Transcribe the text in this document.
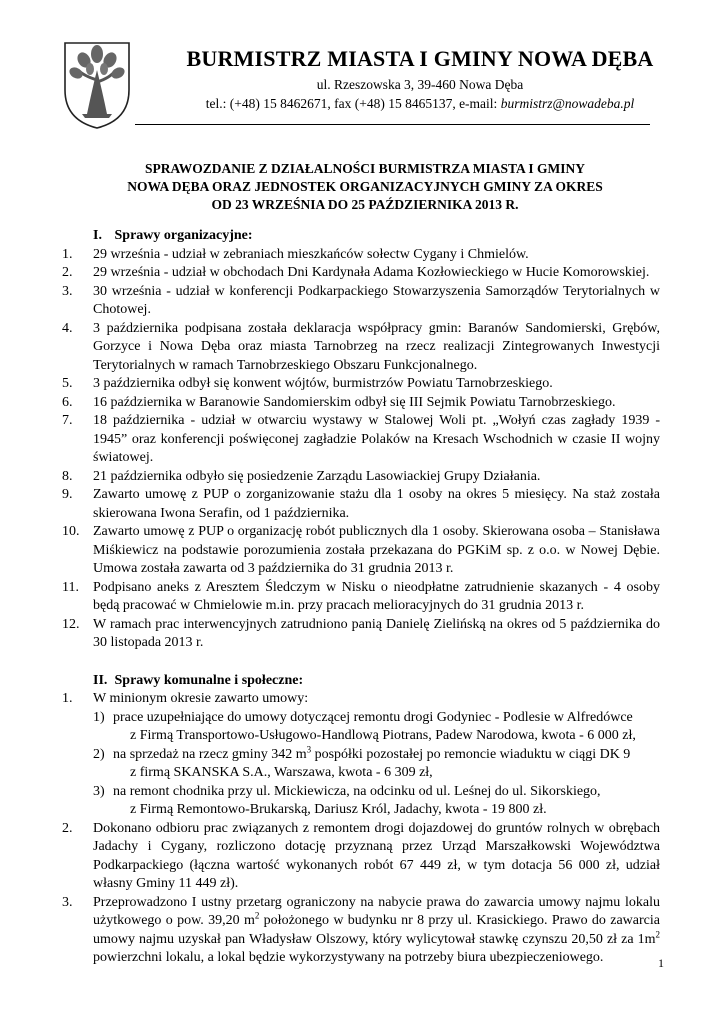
BURMISTRZ MIASTA I GMINY NOWA DĘBA
ul. Rzeszowska 3, 39-460 Nowa Dęba
tel.: (+48) 15 8462671, fax (+48) 15 8465137, e-mail: burmistrz@nowadeba.pl
SPRAWOZDANIE Z DZIAŁALNOŚCI BURMISTRZA MIASTA I GMINY
NOWA DĘBA ORAZ JEDNOSTEK ORGANIZACYJNYCH GMINY ZA OKRES
OD 23 WRZEŚNIA DO 25 PAŹDZIERNIKA 2013 R.
I. Sprawy organizacyjne:
1.	29 września - udział w zebraniach mieszkańców sołectw Cygany i Chmielów.
2.	29 września - udział w obchodach Dni Kardynała Adama Kozłowieckiego w Hucie Komorowskiej.
3.	30 września - udział w konferencji Podkarpackiego Stowarzyszenia Samorządów Terytorialnych w Chotowej.
4.	3 października podpisana została deklaracja współpracy gmin: Baranów Sandomierski, Grębów, Gorzyce i Nowa Dęba oraz miasta Tarnobrzeg na rzecz realizacji Zintegrowanych Inwestycji Terytorialnych w ramach Tarnobrzeskiego Obszaru Funkcjonalnego.
5.	3 października odbył się konwent wójtów, burmistrzów Powiatu Tarnobrzeskiego.
6.	16 października w Baranowie Sandomierskim odbył się III Sejmik Powiatu Tarnobrzeskiego.
7.	18 października - udział w otwarciu wystawy w Stalowej Woli pt. „Wołyń czas zagłady 1939 - 1945” oraz konferencji poświęconej zagładzie Polaków na Kresach Wschodnich w czasie II wojny światowej.
8.	21 października odbyło się posiedzenie Zarządu Lasowiackiej Grupy Działania.
9.	Zawarto umowę z PUP o zorganizowanie stażu dla 1 osoby na okres 5 miesięcy. Na staż została skierowana Iwona Serafin, od 1 października.
10. Zawarto umowę z PUP o organizację robót publicznych dla 1 osoby. Skierowana osoba – Stanisława Miśkiewicz na podstawie porozumienia została przekazana do PGKiM sp. z o.o. w Nowej Dębie. Umowa została zawarta od 3 października do 31 grudnia 2013 r.
11.	Podpisano aneks z Aresztem Śledczym w Nisku o nieodpłatne zatrudnienie skazanych - 4 osoby będą pracować w Chmielowie m.in. przy pracach melioracyjnych do 31 grudnia 2013 r.
12. W ramach prac interwencyjnych zatrudniono panią Danielę Zielińską na okres od 5 października do 30 listopada 2013 r.
II. Sprawy komunalne i społeczne:
1.	W minionym okresie zawarto umowy:
1) prace uzupełniające do umowy dotyczącej remontu drogi Godyniec - Podlesie w Alfredówce
z Firmą Transportowo-Usługowo-Handlową Piotrans, Padew Narodowa, kwota - 6 000 zł,
2) na sprzedaż na rzecz gminy 342 $m^3$ pospółki pozostałej po remoncie wiaduktu w ciągi DK 9
z firmą SKANSKA S.A., Warszawa, kwota - 6 309 zł,
3) na remont chodnika przy ul. Mickiewicza, na odcinku od ul. Leśnej do ul. Sikorskiego,
z Firmą Remontowo-Brukarską, Dariusz Król, Jadachy, kwota - 19 800 zł.
2.	Dokonano odbioru prac związanych z remontem drogi dojazdowej do gruntów rolnych w obrębach Jadachy i Cygany, rozliczono dotację przyznaną przez Urząd Marszałkowski Województwa Podkarpackiego (łączna wartość wykonanych robót 67 449 zł, w tym dotacja 56 000 zł, udział własny Gminy 11 449 zł).
3.	Przeprowadzono I ustny przetarg ograniczony na nabycie prawa do zawarcia umowy najmu lokalu użytkowego o pow. 39,20 $m^2$ położonego w budynku nr 8 przy ul. Krasickiego. Prawo do zawarcia umowy najmu uzyskał pan Władysław Olszowy, który wylicytował stawkę czynszu 20,50 zł za $1m^2$ powierzchni lokalu, a lokal będzie wykorzystywany na potrzeby biura ubezpieczeniowego.	1
